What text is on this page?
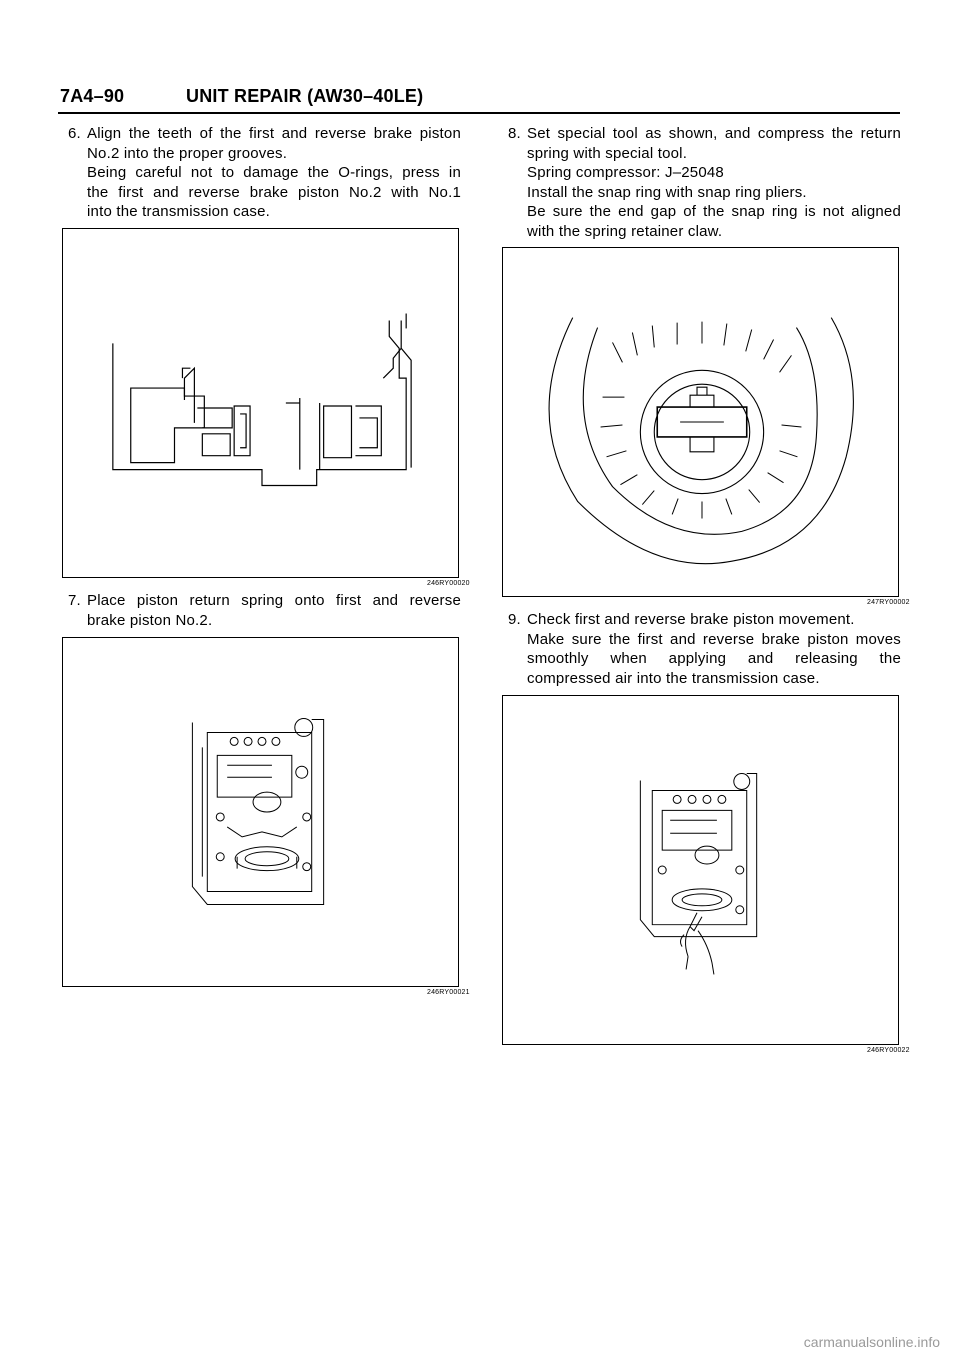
7A4–90	UNIT REPAIR (AW30–40LE)
6. Align the teeth of the first and reverse brake piston
No.2 into the proper grooves.
Being careful not to damage the O-rings, press in
the first and reverse brake piston No.2 with No.1
into the transmission case.
246RY00020
7. Place piston return spring onto first and reverse
brake piston No.2.
246RY00021
8. Set special tool as shown, and compress the return
spring with special tool.
Spring compressor: J–25048
Install the snap ring with snap ring pliers.
Be sure the end gap of the snap ring is not aligned
with the spring retainer claw.
247RY00002
9. Check first and reverse brake piston movement.
Make sure the first and reverse brake piston moves
smoothly when applying and releasing the
compressed air into the transmission case.
246RY00022
carmanualsonline.info
